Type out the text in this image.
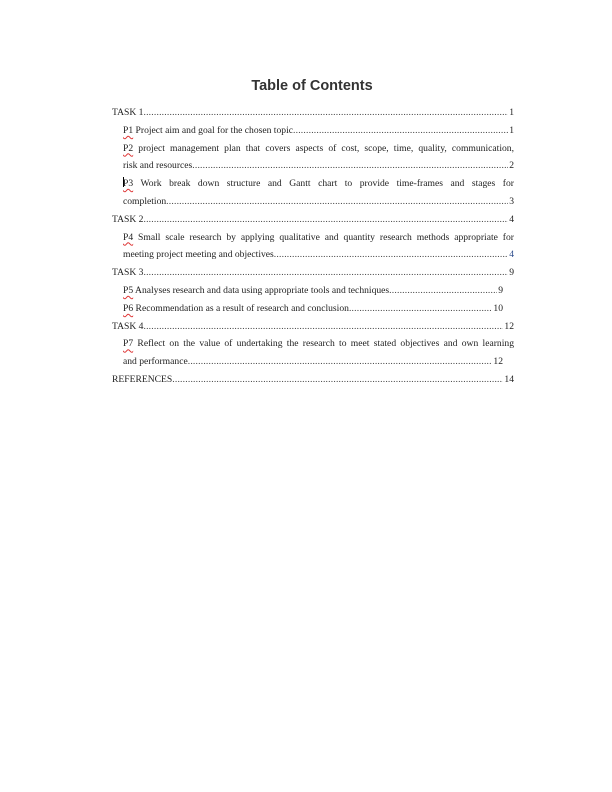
Table of Contents
TASK 1 .....	1
P1 Project aim and goal for the chosen topic .....	1
P2 project management plan that covers aspects of cost, scope, time, quality, communication,
risk and resources .....	2
P3 Work break down structure and Gantt chart to provide time-frames and stages for
completion .....	3
TASK 2 .....	4
P4 Small scale research by applying qualitative and quantity research methods appropriate for
meeting project meeting and objectives .....	4
TASK 3 .....	9
P5 Analyses research and data using appropriate tools and techniques .....	9
P6 Recommendation as a result of research and conclusion .....	10
TASK 4 .....	12
P7 Reflect on the value of undertaking the research to meet stated objectives and own learning
and performance .....	12
REFERENCES .....	14
